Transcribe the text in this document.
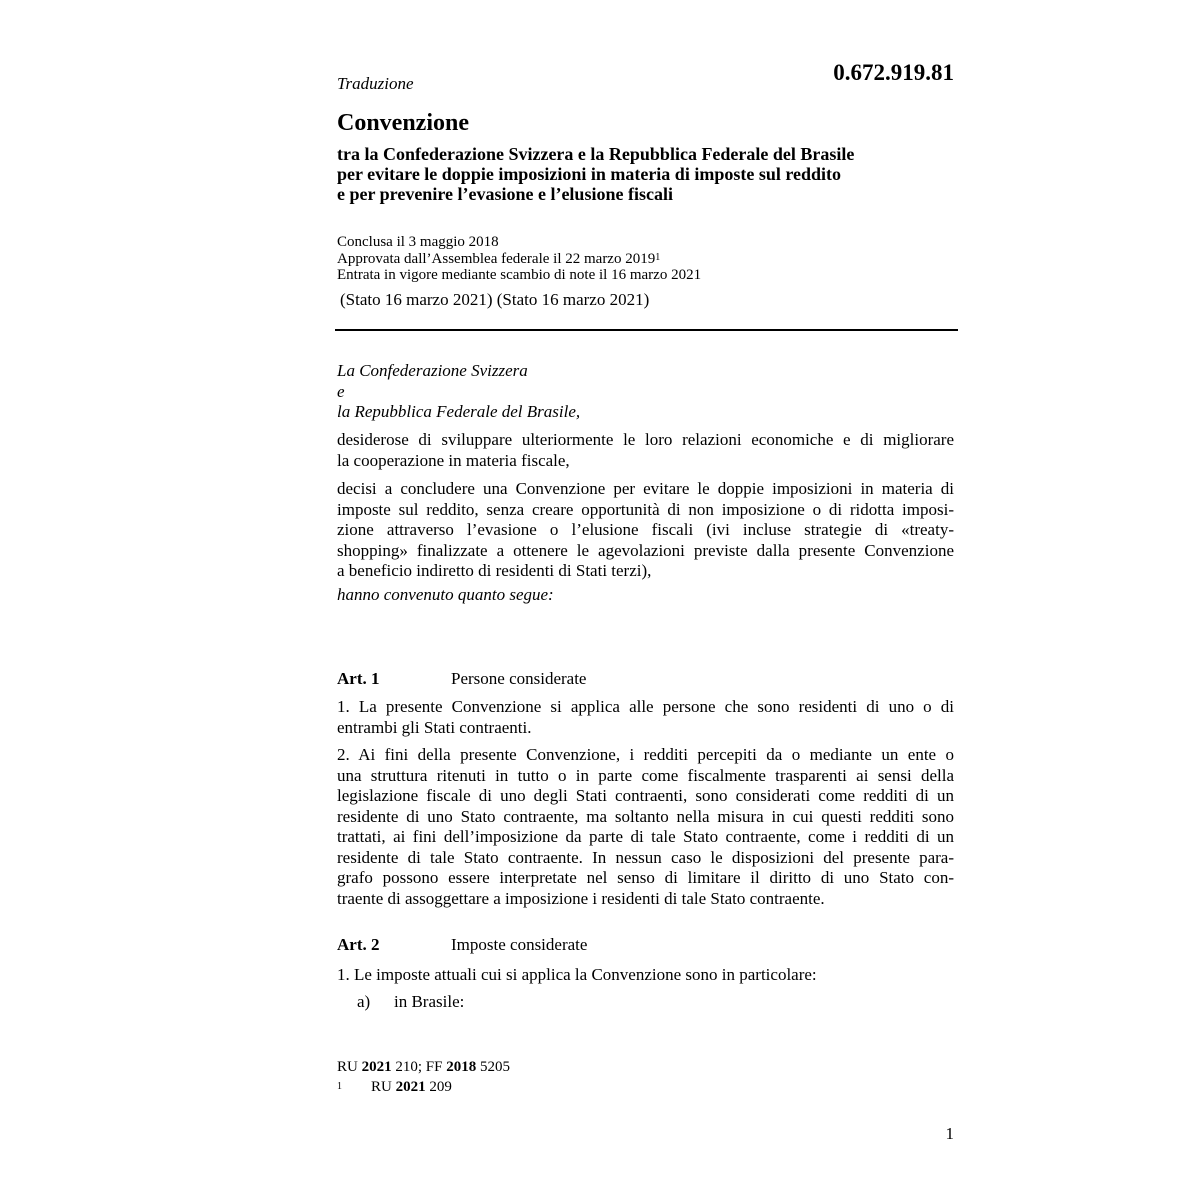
0.672.919.81

Traduzione

Convenzione
tra la Confederazione Svizzera e la Repubblica Federale del Brasile
per evitare le doppie imposizioni in materia di imposte sul reddito
e per prevenire l’evasione e l’elusione fiscali
Conclusa il 3 maggio 2018
Approvata dall’Assemblea federale il 22 marzo 2019$^1$
Entrata in vigore mediante scambio di note il 16 marzo 2021

(Stato 16 marzo 2021) (Stato 16 marzo 2021)

La Confederazione Svizzera

e

la Repubblica Federale del Brasile,

desiderose di sviluppare ulteriormente le loro relazioni economiche e di migliorare
la cooperazione in materia fiscale,

decisi a concludere una Convenzione per evitare le doppie imposizioni in materia di
imposte sul reddito, senza creare opportunità di non imposizione o di ridotta imposi-
zione attraverso l’evasione o l’elusione fiscali (ivi incluse strategie di «treaty-
shopping» finalizzate a ottenere le agevolazioni previste dalla presente Convenzione
a beneficio indiretto di residenti di Stati terzi),

hanno convenuto quanto segue:

Art. 1	Persone considerate

1. La presente Convenzione si applica alle persone che sono residenti di uno o di
entrambi gli Stati contraenti.

2. Ai fini della presente Convenzione, i redditi percepiti da o mediante un ente o
una struttura ritenuti in tutto o in parte come fiscalmente trasparenti ai sensi della
legislazione fiscale di uno degli Stati contraenti, sono considerati come redditi di un
residente di uno Stato contraente, ma soltanto nella misura in cui questi redditi sono
trattati, ai fini dell’imposizione da parte di tale Stato contraente, come i redditi di un
residente di tale Stato contraente. In nessun caso le disposizioni del presente para-
grafo possono essere interpretate nel senso di limitare il diritto di uno Stato con-
traente di assoggettare a imposizione i residenti di tale Stato contraente.

Art. 2	Imposte considerate

1. Le imposte attuali cui si applica la Convenzione sono in particolare:

a) in Brasile:

RU 2021 210; FF 2018 5205
1 RU 2021 209

1
